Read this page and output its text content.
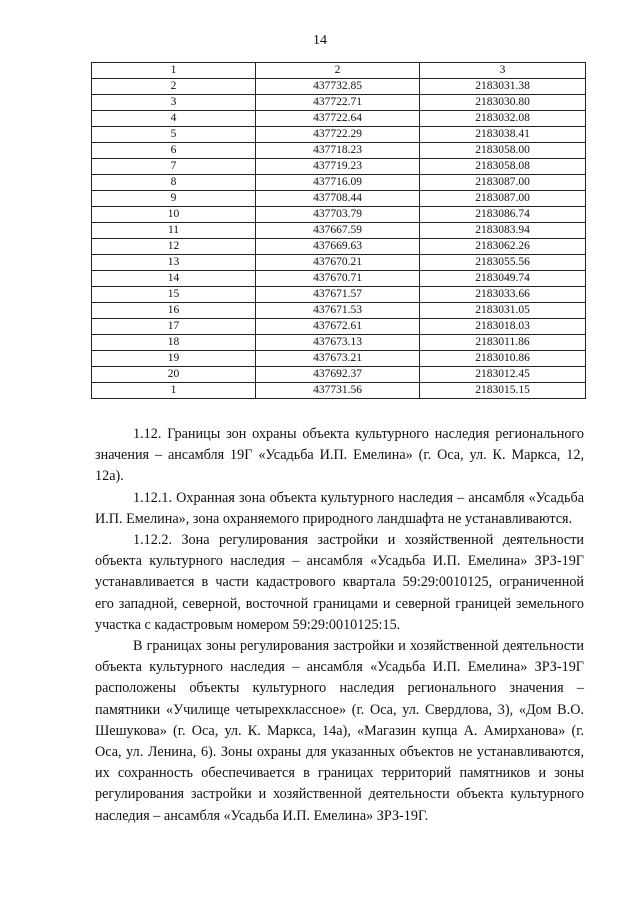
14
1	2	3
2	437732.85	2183031.38
3	437722.71	2183030.80
4	437722.64	2183032.08
5	437722.29	2183038.41
6	437718.23	2183058.00
7	437719.23	2183058.08
8	437716.09	2183087.00
9	437708.44	2183087.00
10	437703.79	2183086.74
11	437667.59	2183083.94
12	437669.63	2183062.26
13	437670.21	2183055.56
14	437670.71	2183049.74
15	437671.57	2183033.66
16	437671.53	2183031.05
17	437672.61	2183018.03
18	437673.13	2183011.86
19	437673.21	2183010.86
20	437692.37	2183012.45
1	437731.56	2183015.15

1.12. Границы зон охраны объекта культурного наследия регионального значения – ансамбля 19Г «Усадьба И.П. Емелина» (г. Оса, ул. К. Маркса, 12, 12а).

1.12.1. Охранная зона объекта культурного наследия – ансамбля «Усадьба И.П. Емелина», зона охраняемого природного ландшафта не устанавливаются.

1.12.2. Зона регулирования застройки и хозяйственной деятельности объекта культурного наследия – ансамбля «Усадьба И.П. Емелина» ЗРЗ-19Г устанавливается в части кадастрового квартала 59:29:0010125, ограниченной его западной, северной, восточной границами и северной границей земельного участка с кадастровым номером 59:29:0010125:15.

В границах зоны регулирования застройки и хозяйственной деятельности объекта культурного наследия – ансамбля «Усадьба И.П. Емелина» ЗРЗ-19Г расположены объекты культурного наследия регионального значения – памятники «Училище четырехклассное» (г. Оса, ул. Свердлова, 3), «Дом В.О. Шешукова» (г. Оса, ул. К. Маркса, 14а), «Магазин купца А. Амирханова» (г. Оса, ул. Ленина, 6). Зоны охраны для указанных объектов не устанавливаются, их сохранность обеспечивается в границах территорий памятников и зоны регулирования застройки и хозяйственной деятельности объекта культурного наследия – ансамбля «Усадьба И.П. Емелина» ЗРЗ-19Г.
